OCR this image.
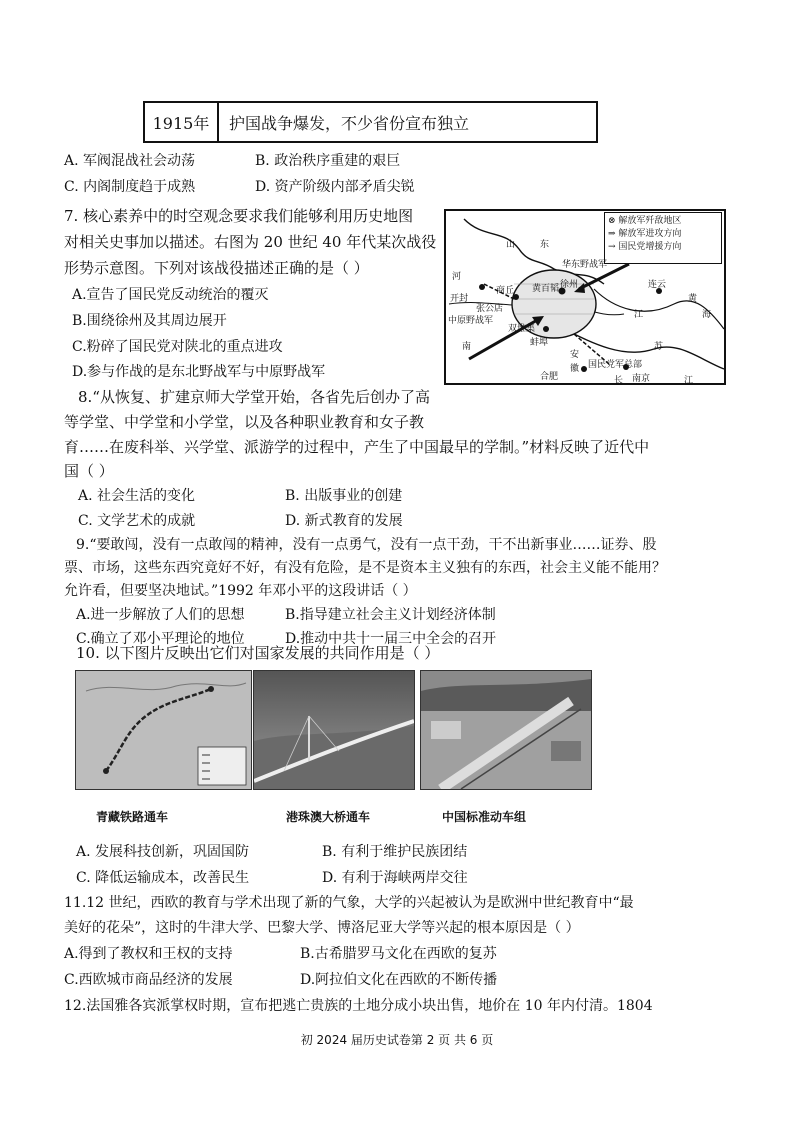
1915年	护国战争爆发，不少省份宣布独立
A. 军阀混战社会动荡	B. 政治秩序重建的艰巨
C. 内阁制度趋于成熟	D. 资产阶级内部矛盾尖锐
7. 核心素养中的时空观念要求我们能够利用历史地图
对相关史事加以描述。右图为 20 世纪 40 年代某次战役
形势示意图。下列对该战役描述正确的是（ ）
A.宣告了国民党反动统治的覆灭
B.围绕徐州及其周边展开
C.粉碎了国民党对陕北的重点进攻
D.参与作战的是东北野战军与中原野战军
⊗ 解放军歼敌地区
⇒ 解放军进攻方向
→ 国民党增援方向
山	东
河
南
开封
商丘
徐州
华东野战军
连云
黄百韬
中原野战军
双堆集
蚌埠
国民党军总部
合肥	南京
江
苏
安
徽
长	江
黄
海
张公店
8.“从恢复、扩建京师大学堂开始，各省先后创办了高
等学堂、中学堂和小学堂，以及各种职业教育和女子教
育……在废科举、兴学堂、派游学的过程中，产生了中国最早的学制。”材料反映了近代中
国（ ）
A. 社会生活的变化	B. 出版事业的创建
C. 文学艺术的成就	D. 新式教育的发展
9.“要敢闯，没有一点敢闯的精神，没有一点勇气，没有一点干劲，干不出新事业……证券、股
票、市场，这些东西究竟好不好，有没有危险，是不是资本主义独有的东西，社会主义能不能用？
允许看，但要坚决地试。”1992 年邓小平的这段讲话（ ）
A.进一步解放了人们的思想	B.指导建立社会主义计划经济体制
C.确立了邓小平理论的地位	D.推动中共十一届三中全会的召开
10. 以下图片反映出它们对国家发展的共同作用是（ ）
青藏铁路通车	港珠澳大桥通车	中国标准动车组
A. 发展科技创新，巩固国防	B. 有利于维护民族团结
C. 降低运输成本，改善民生	D. 有利于海峡两岸交往
11.12 世纪，西欧的教育与学术出现了新的气象，大学的兴起被认为是欧洲中世纪教育中“最
美好的花朵”，这时的牛津大学、巴黎大学、博洛尼亚大学等兴起的根本原因是（ ）
A.得到了教权和王权的支持	B.古希腊罗马文化在西欧的复苏
C.西欧城市商品经济的发展	D.阿拉伯文化在西欧的不断传播
12.法国雅各宾派掌权时期，宣布把逃亡贵族的土地分成小块出售，地价在 10 年内付清。1804
初 2024 届历史试卷第 2 页 共 6 页
